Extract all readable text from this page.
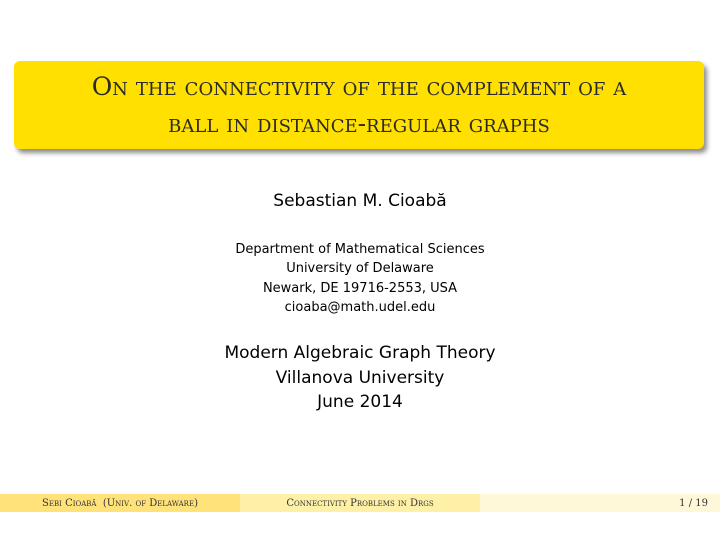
On the connectivity of the complement of a
ball in distance-regular graphs
Sebastian M. Cioabă
Department of Mathematical Sciences
University of Delaware
Newark, DE 19716-2553, USA
cioaba@math.udel.edu
Modern Algebraic Graph Theory
Villanova University
June 2014
Sebi Cioabă  (Univ. of Delaware)	Connectivity Problems in Drgs	1 / 19
